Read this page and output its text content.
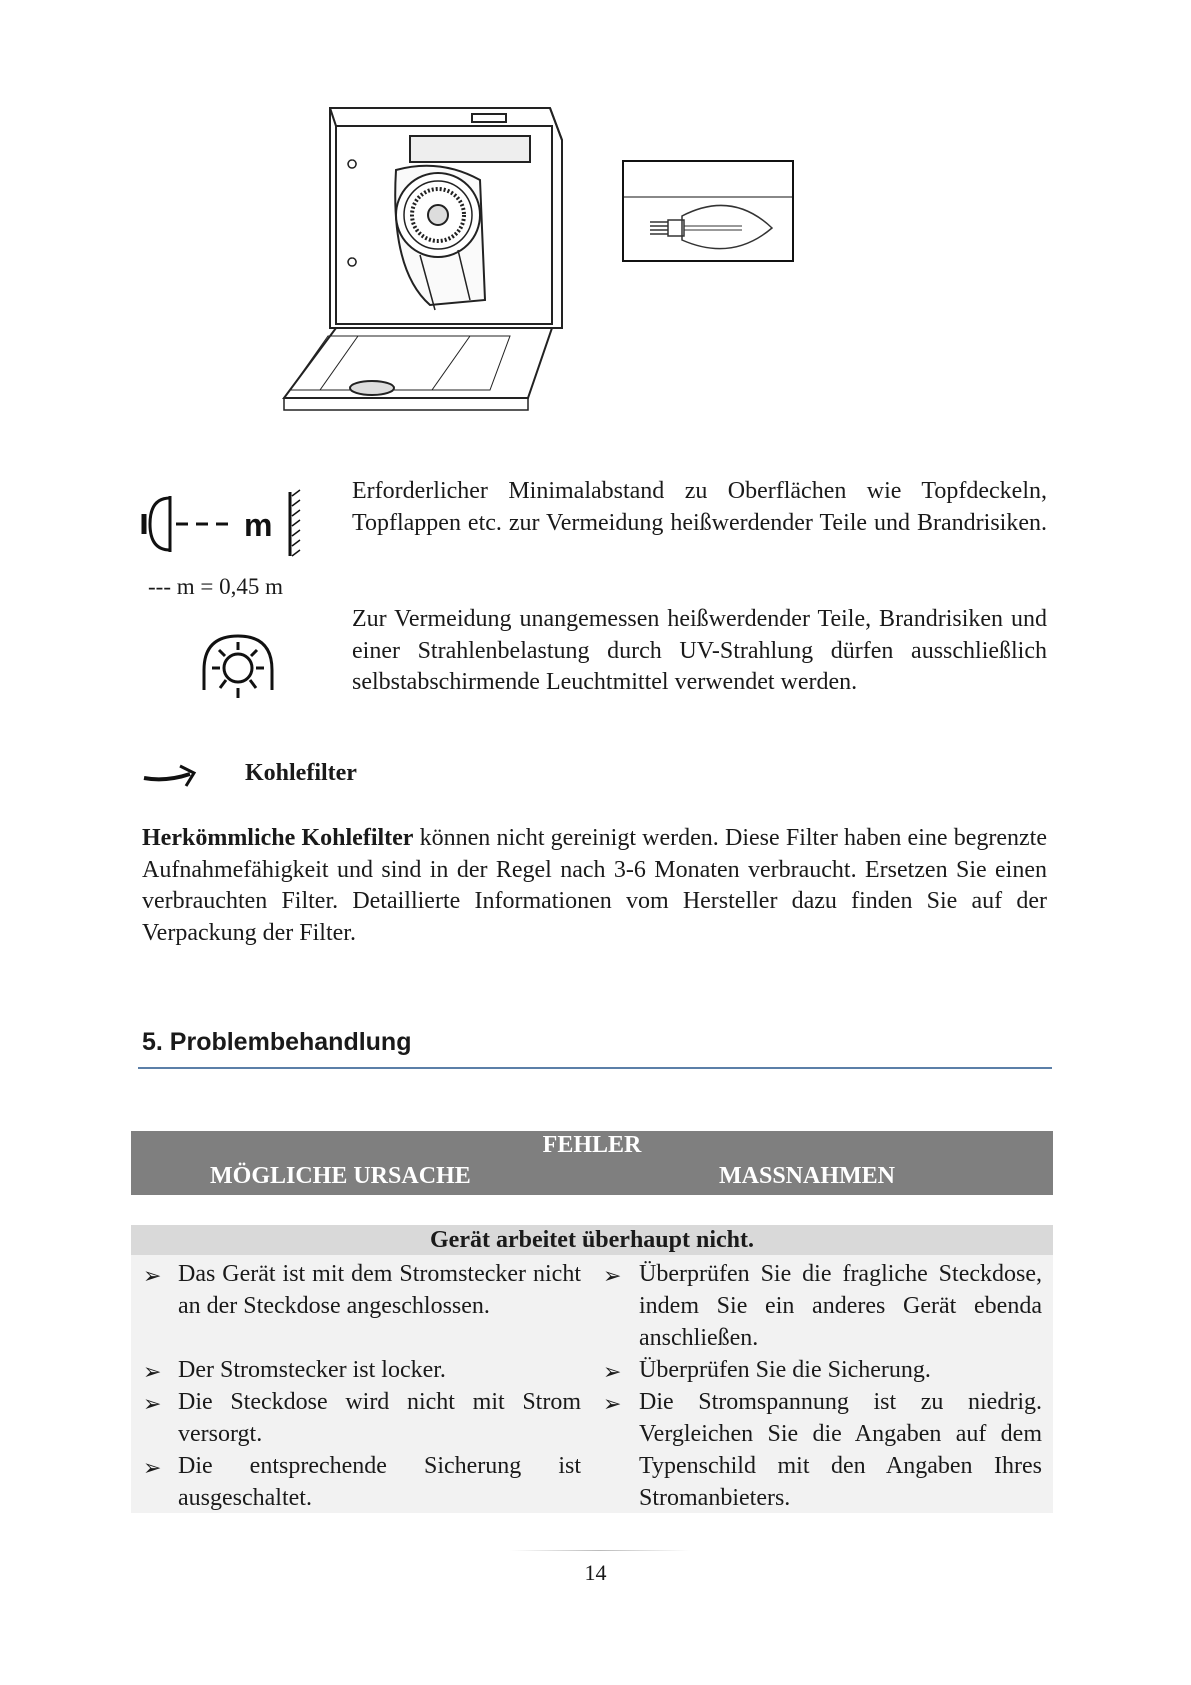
m
--- m = 0,45 m
Erforderlicher Minimalabstand zu Oberflächen wie Topfdeckeln, Topflappen etc. zur Vermeidung heißwerdender Teile und Brandrisiken.
Zur Vermeidung unangemessen heißwerdender Teile, Brandrisiken und einer Strahlenbelastung durch UV-Strahlung dürfen ausschließlich selbstabschirmende Leuchtmittel verwendet werden.
Kohlefilter
Herkömmliche Kohlefilter können nicht gereinigt werden. Diese Filter haben eine begrenzte Aufnahmefähigkeit und sind in der Regel nach 3-6 Monaten verbraucht. Ersetzen Sie einen verbrauchten Filter. Detaillierte Informationen vom Hersteller dazu finden Sie auf der Verpackung der Filter.
5. Problembehandlung
FEHLER
MÖGLICHE URSACHE	MASSNAHMEN
Gerät arbeitet überhaupt nicht.
➢ Das Gerät ist mit dem Stromstecker nicht an der Steckdose angeschlossen.
➢ Der Stromstecker ist locker.
➢ Die Steckdose wird nicht mit Strom versorgt.
➢ Die entsprechende Sicherung ist ausgeschaltet.
➢ Überprüfen Sie die fragliche Steckdose, indem Sie ein anderes Gerät ebenda anschließen.
➢ Überprüfen Sie die Sicherung.
➢ Die Stromspannung ist zu niedrig. Vergleichen Sie die Angaben auf dem Typenschild mit den Angaben Ihres Stromanbieters.
14
